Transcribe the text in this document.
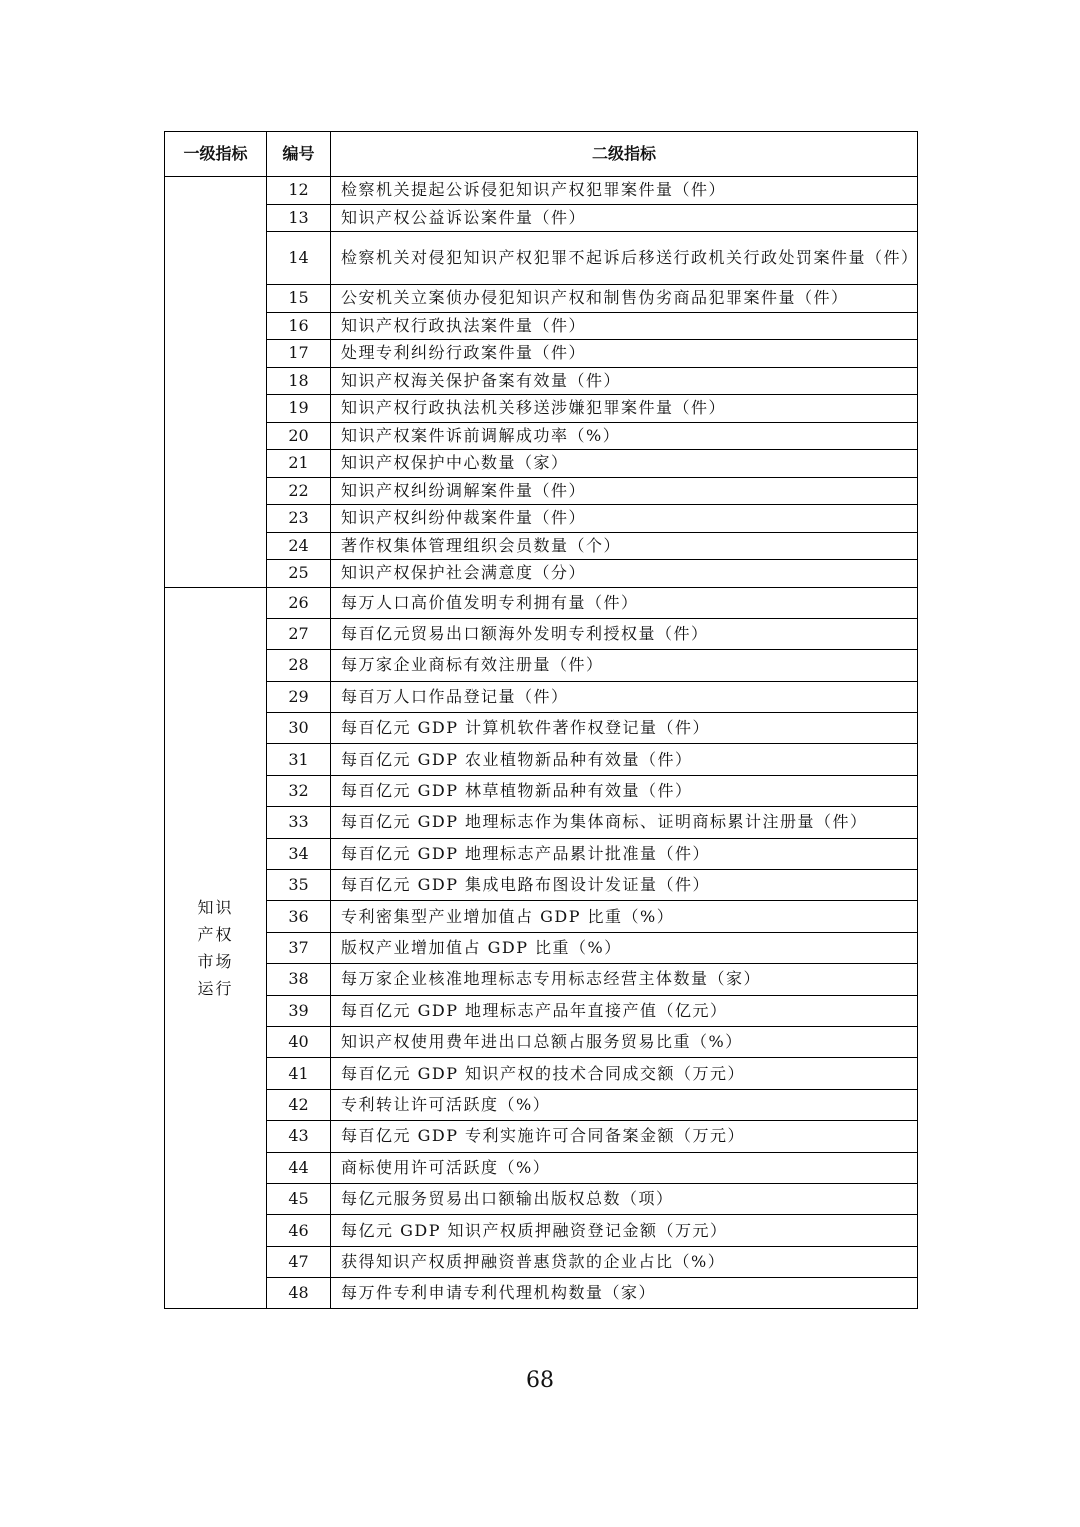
一级指标	编号	二级指标
	12	检察机关提起公诉侵犯知识产权犯罪案件量（件）
	13	知识产权公益诉讼案件量（件）
	14	检察机关对侵犯知识产权犯罪不起诉后移送行政机关行政处罚案件量（件）
	15	公安机关立案侦办侵犯知识产权和制售伪劣商品犯罪案件量（件）
	16	知识产权行政执法案件量（件）
	17	处理专利纠纷行政案件量（件）
	18	知识产权海关保护备案有效量（件）
	19	知识产权行政执法机关移送涉嫌犯罪案件量（件）
	20	知识产权案件诉前调解成功率（%）
	21	知识产权保护中心数量（家）
	22	知识产权纠纷调解案件量（件）
	23	知识产权纠纷仲裁案件量（件）
	24	著作权集体管理组织会员数量（个）
	25	知识产权保护社会满意度（分）

知识
产权
市场
运行	26	每万人口高价值发明专利拥有量（件）
	27	每百亿元贸易出口额海外发明专利授权量（件）
	28	每万家企业商标有效注册量（件）
	29	每百万人口作品登记量（件）
	30	每百亿元 GDP 计算机软件著作权登记量（件）
	31	每百亿元 GDP 农业植物新品种有效量（件）
	32	每百亿元 GDP 林草植物新品种有效量（件）
	33	每百亿元 GDP 地理标志作为集体商标、证明商标累计注册量（件）
	34	每百亿元 GDP 地理标志产品累计批准量（件）
	35	每百亿元 GDP 集成电路布图设计发证量（件）
	36	专利密集型产业增加值占 GDP 比重（%）
	37	版权产业增加值占 GDP 比重（%）
	38	每万家企业核准地理标志专用标志经营主体数量（家）
	39	每百亿元 GDP 地理标志产品年直接产值（亿元）
	40	知识产权使用费年进出口总额占服务贸易比重（%）
	41	每百亿元 GDP 知识产权的技术合同成交额（万元）
	42	专利转让许可活跃度（%）
	43	每百亿元 GDP 专利实施许可合同备案金额（万元）
	44	商标使用许可活跃度（%）
	45	每亿元服务贸易出口额输出版权总数（项）
	46	每亿元 GDP 知识产权质押融资登记金额（万元）
	47	获得知识产权质押融资普惠贷款的企业占比（%）
	48	每万件专利申请专利代理机构数量（家）
68
